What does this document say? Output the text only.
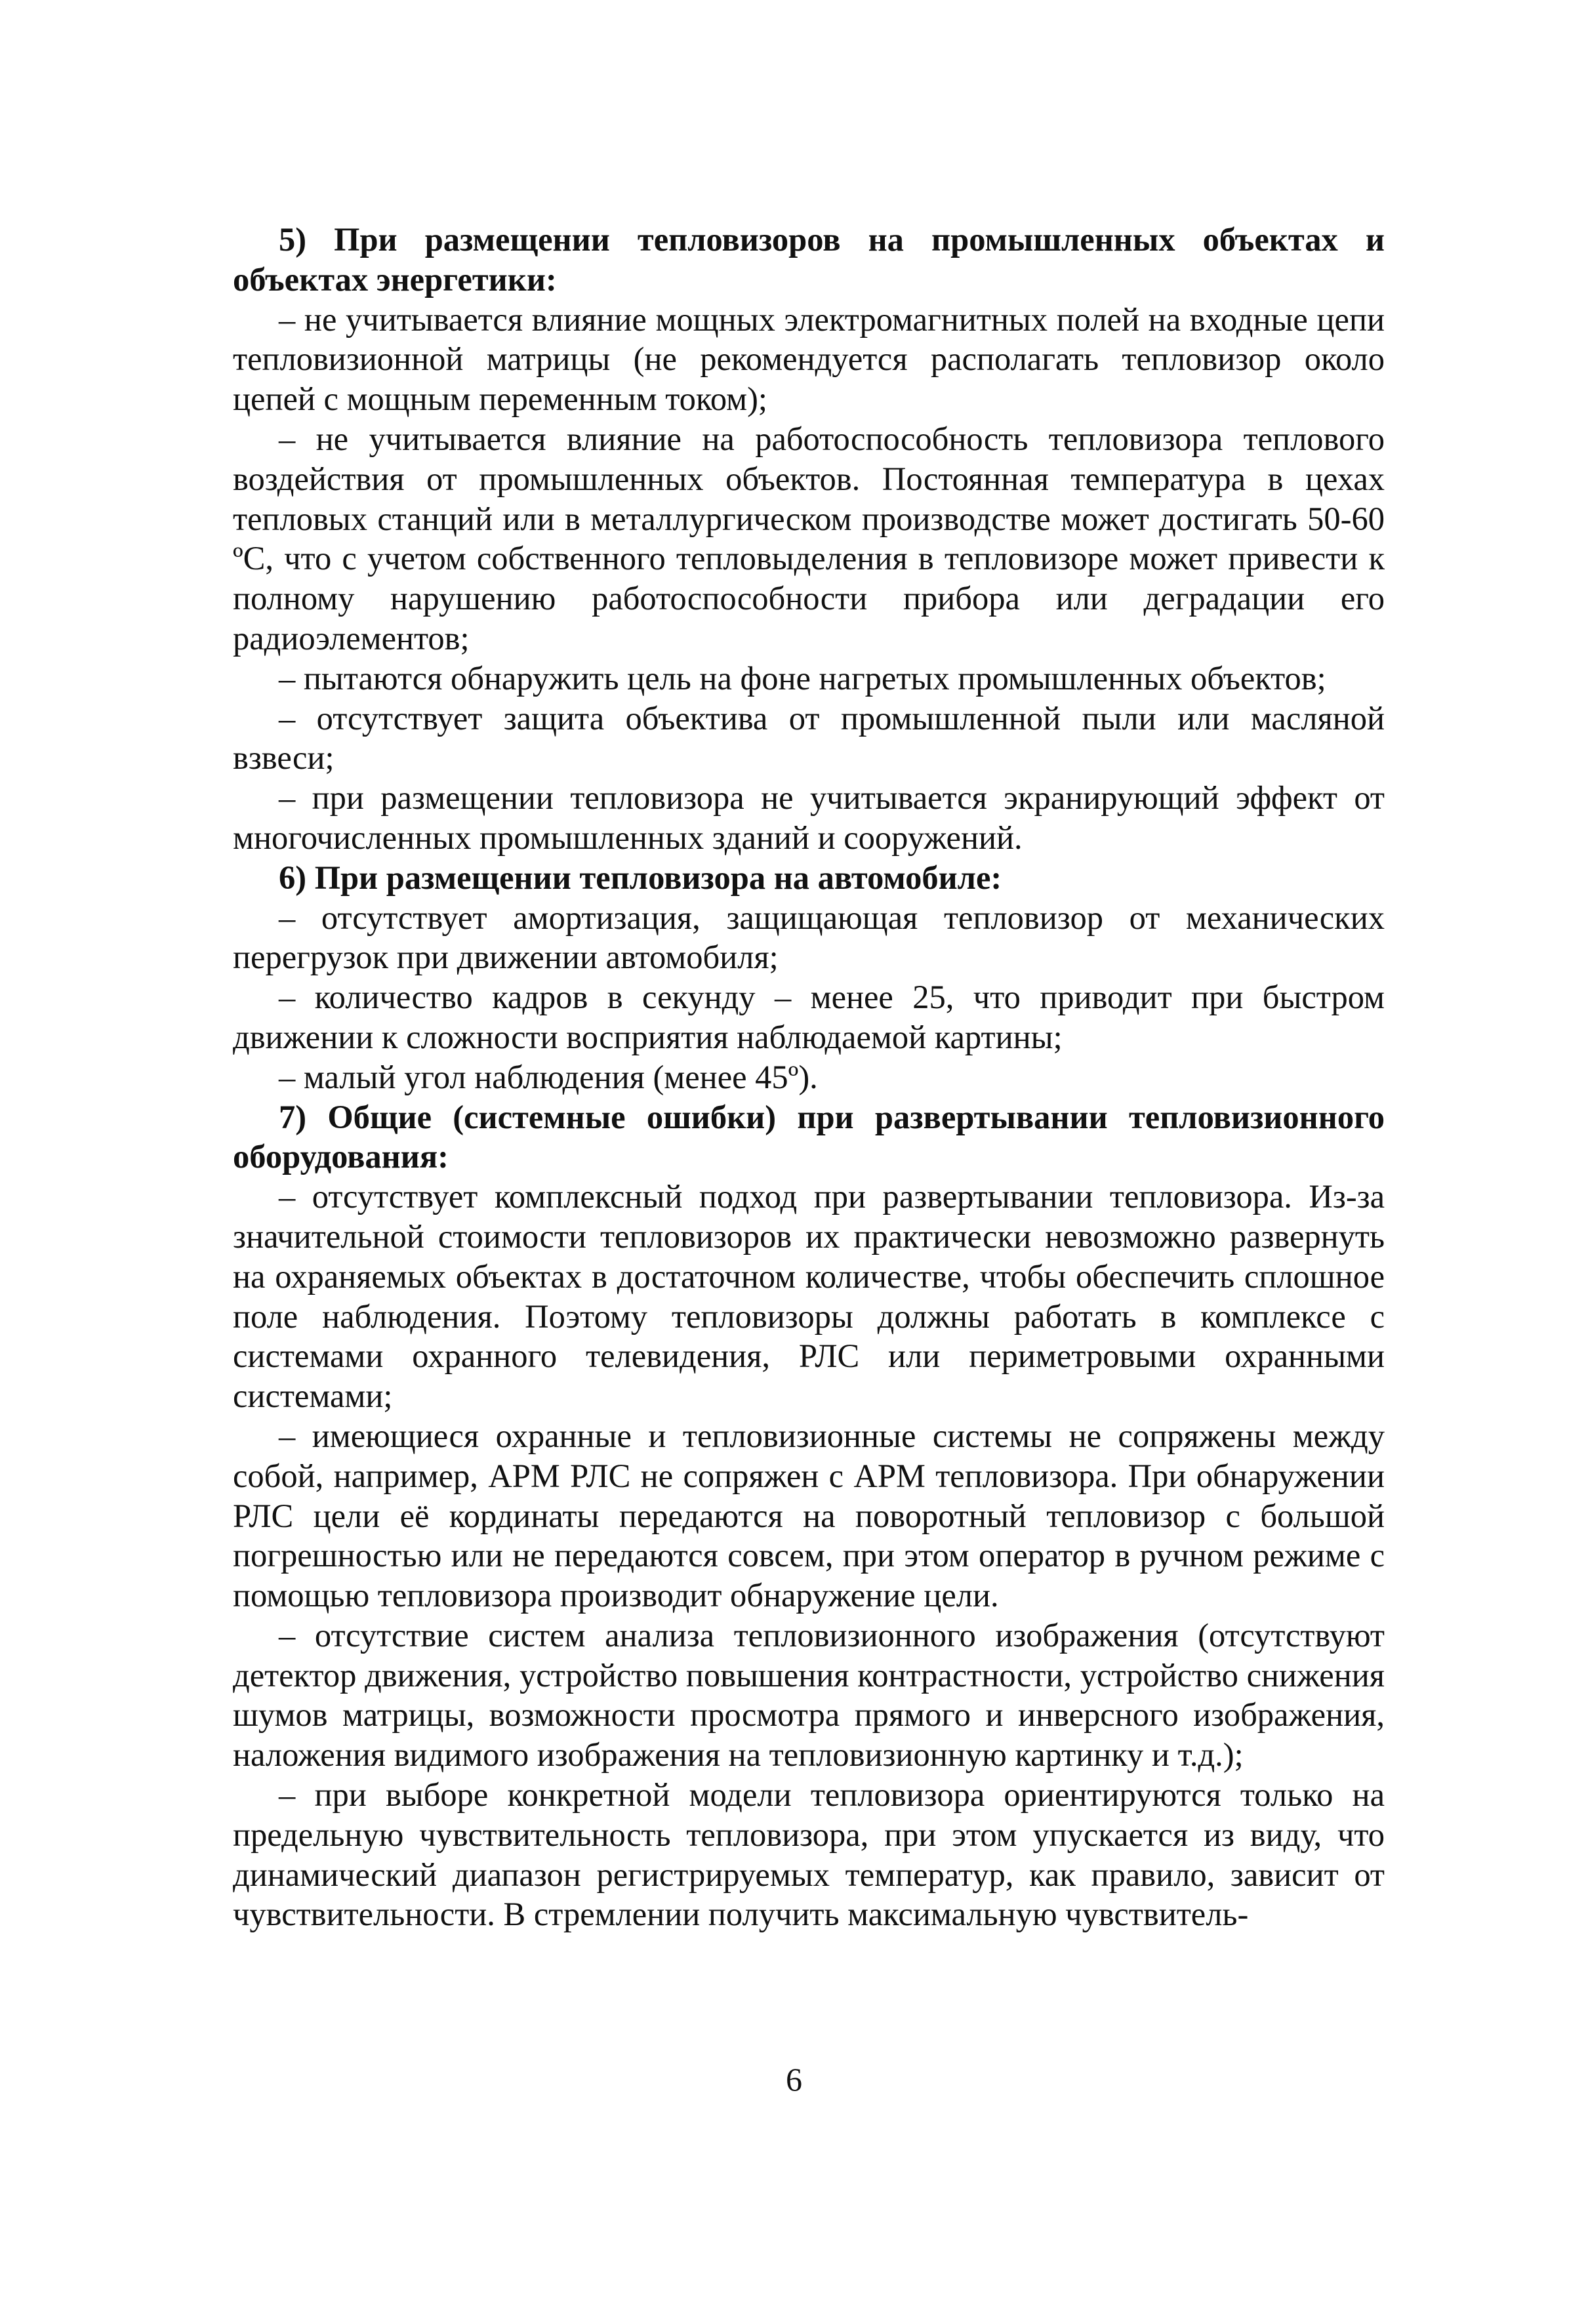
5) При размещении тепловизоров на промышленных объектах и объектах энергетики:

– не учитывается влияние мощных электромагнитных полей на входные цепи тепловизионной матрицы (не рекомендуется располагать тепловизор около цепей с мощным переменным током);

– не учитывается влияние на работоспособность тепловизора теплового воздействия от промышленных объектов. Постоянная температура в цехах тепловых станций или в металлургическом производстве может достигать 50-60 ºС, что с учетом собственного тепловыделения в тепловизоре может привести к полному нарушению работоспособности прибора или деградации его радиоэлементов;

– пытаются обнаружить цель на фоне нагретых промышленных объектов;

– отсутствует защита объектива от промышленной пыли или масляной взвеси;

– при размещении тепловизора не учитывается экранирующий эффект от многочисленных промышленных зданий и сооружений.

6) При размещении тепловизора на автомобиле:

– отсутствует амортизация, защищающая тепловизор от механических перегрузок при движении автомобиля;

– количество кадров в секунду – менее 25, что приводит при быстром движении к сложности восприятия наблюдаемой картины;

– малый угол наблюдения (менее 45º).

7) Общие (системные ошибки) при развертывании тепловизионного оборудования:

– отсутствует комплексный подход при развертывании тепловизора. Из-за значительной стоимости тепловизоров их практически невозможно развернуть на охраняемых объектах в достаточном количестве, чтобы обеспечить сплошное поле наблюдения. Поэтому тепловизоры должны работать в комплексе с системами охранного телевидения, РЛС или периметровыми охранными системами;

– имеющиеся охранные и тепловизионные системы не сопряжены между собой, например, АРМ РЛС не сопряжен с АРМ тепловизора. При обнаружении РЛС цели её кординаты передаются на поворотный тепловизор с большой погрешностью или не передаются совсем, при этом оператор в ручном режиме с помощью тепловизора производит обнаружение цели.

– отсутствие систем анализа тепловизионного изображения (отсутствуют детектор движения, устройство повышения контрастности, устройство снижения шумов матрицы, возможности просмотра прямого и инверсного изображения, наложения видимого изображения на тепловизионную картинку и т.д.);

– при выборе конкретной модели тепловизора ориентируются только на предельную чувствительность тепловизора, при этом упускается из виду, что динамический диапазон регистрируемых температур, как правило, зависит от чувствительности. В стремлении получить максимальную чувствитель-

6
